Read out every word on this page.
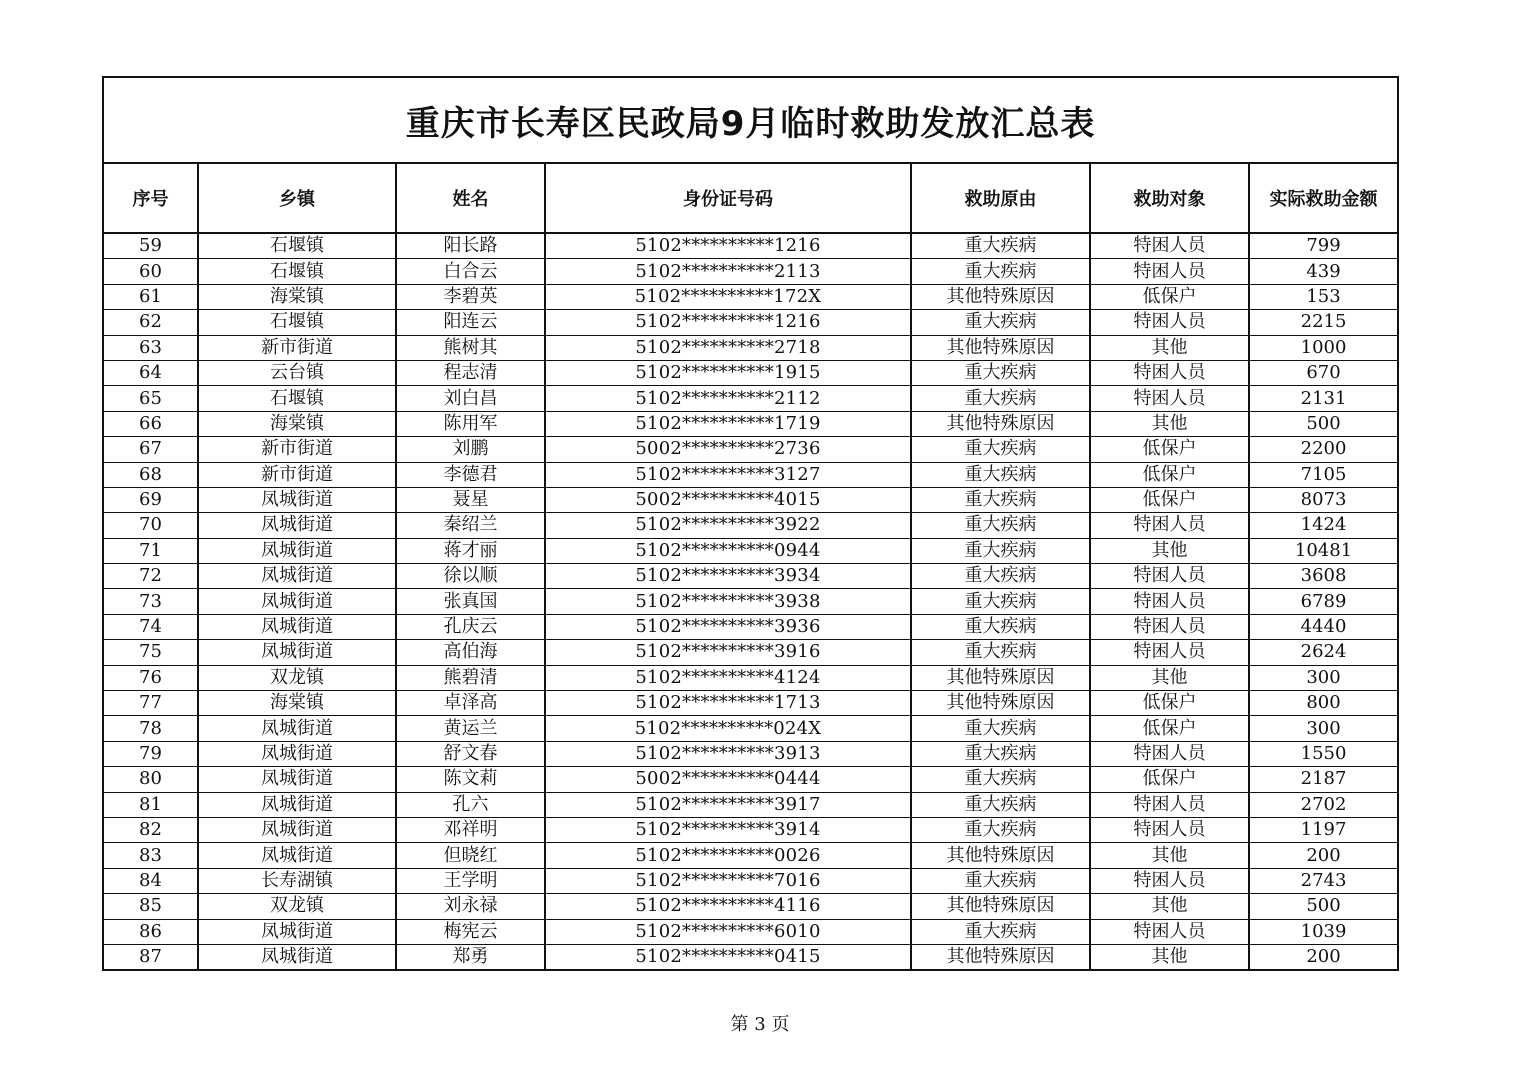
重庆市长寿区民政局9月临时救助发放汇总表						
序号	乡镇	姓名	身份证号码	救助原由	救助对象	实际救助金额
59	石堰镇	阳长路	5102**********1216	重大疾病	特困人员	799
60	石堰镇	白合云	5102**********2113	重大疾病	特困人员	439
61	海棠镇	李碧英	5102**********172X	其他特殊原因	低保户	153
62	石堰镇	阳连云	5102**********1216	重大疾病	特困人员	2215
63	新市街道	熊树其	5102**********2718	其他特殊原因	其他	1000
64	云台镇	程志清	5102**********1915	重大疾病	特困人员	670
65	石堰镇	刘白昌	5102**********2112	重大疾病	特困人员	2131
66	海棠镇	陈用军	5102**********1719	其他特殊原因	其他	500
67	新市街道	刘鹏	5002**********2736	重大疾病	低保户	2200
68	新市街道	李德君	5102**********3127	重大疾病	低保户	7105
69	凤城街道	聂星	5002**********4015	重大疾病	低保户	8073
70	凤城街道	秦绍兰	5102**********3922	重大疾病	特困人员	1424
71	凤城街道	蒋才丽	5102**********0944	重大疾病	其他	10481
72	凤城街道	徐以顺	5102**********3934	重大疾病	特困人员	3608
73	凤城街道	张真国	5102**********3938	重大疾病	特困人员	6789
74	凤城街道	孔庆云	5102**********3936	重大疾病	特困人员	4440
75	凤城街道	高伯海	5102**********3916	重大疾病	特困人员	2624
76	双龙镇	熊碧清	5102**********4124	其他特殊原因	其他	300
77	海棠镇	卓泽高	5102**********1713	其他特殊原因	低保户	800
78	凤城街道	黄运兰	5102**********024X	重大疾病	低保户	300
79	凤城街道	舒文春	5102**********3913	重大疾病	特困人员	1550
80	凤城街道	陈文莉	5002**********0444	重大疾病	低保户	2187
81	凤城街道	孔六	5102**********3917	重大疾病	特困人员	2702
82	凤城街道	邓祥明	5102**********3914	重大疾病	特困人员	1197
83	凤城街道	但晓红	5102**********0026	其他特殊原因	其他	200
84	长寿湖镇	王学明	5102**********7016	重大疾病	特困人员	2743
85	双龙镇	刘永禄	5102**********4116	其他特殊原因	其他	500
86	凤城街道	梅宪云	5102**********6010	重大疾病	特困人员	1039
87	凤城街道	郑勇	5102**********0415	其他特殊原因	其他	200
第 3 页
